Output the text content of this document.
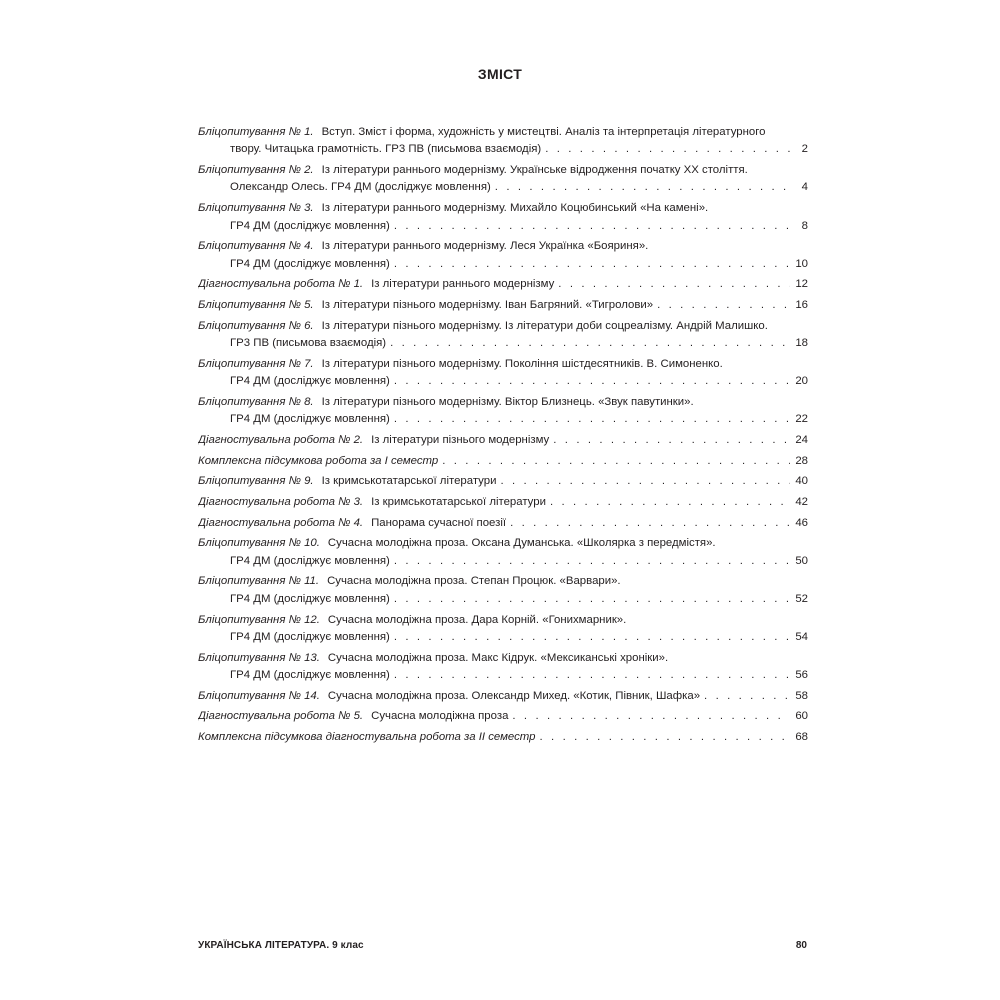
ЗМІСТ
Бліцопитування № 1. Вступ. Зміст і форма, художність у мистецтві. Аналіз та інтерпретація літературного
твору. Читацька грамотність. ГР3 ПВ (письмова взаємодія) . . .	2
Бліцопитування № 2. Із літератури раннього модернізму. Українське відродження початку ХХ століття.
Олександр Олесь. ГР4 ДМ (досліджує мовлення) . . .	4
Бліцопитування № 3. Із літератури раннього модернізму. Михайло Коцюбинський «На камені».
ГР4 ДМ (досліджує мовлення) . . .	8
Бліцопитування № 4. Із літератури раннього модернізму. Леся Українка «Бояриня».
ГР4 ДМ (досліджує мовлення) . . .	10
Діагностувальна робота № 1. Із літератури раннього модернізму . . .	12
Бліцопитування № 5. Із літератури пізнього модернізму. Іван Багряний. «Тигролови» . . .	16
Бліцопитування № 6. Із літератури пізнього модернізму. Із літератури доби соцреалізму. Андрій Малишко.
ГР3 ПВ (письмова взаємодія) . . .	18
Бліцопитування № 7. Із літератури пізнього модернізму. Покоління шістдесятників. В. Симоненко.
ГР4 ДМ (досліджує мовлення) . . .	20
Бліцопитування № 8. Із літератури пізнього модернізму. Віктор Близнець. «Звук павутинки».
ГР4 ДМ (досліджує мовлення) . . .	22
Діагностувальна робота № 2. Із літератури пізнього модернізму . . .	24
Комплексна підсумкова робота за І семестр . . .	28
Бліцопитування № 9. Із кримськотатарської літератури . . .	40
Діагностувальна робота № 3. Із кримськотатарської літератури . . .	42
Діагностувальна робота № 4. Панорама сучасної поезії . . .	46
Бліцопитування № 10. Сучасна молодіжна проза. Оксана Думанська. «Школярка з передмістя».
ГР4 ДМ (досліджує мовлення) . . .	50
Бліцопитування № 11. Сучасна молодіжна проза. Степан Процюк. «Варвари».
ГР4 ДМ (досліджує мовлення) . . .	52
Бліцопитування № 12. Сучасна молодіжна проза. Дара Корній. «Гонихмарник».
ГР4 ДМ (досліджує мовлення) . . .	54
Бліцопитування № 13. Сучасна молодіжна проза. Макс Кідрук. «Мексиканські хроніки».
ГР4 ДМ (досліджує мовлення) . . .	56
Бліцопитування № 14. Сучасна молодіжна проза. Олександр Михед. «Котик, Півник, Шафка» . . .	58
Діагностувальна робота № 5. Сучасна молодіжна проза . . .	60
Комплексна підсумкова діагностувальна робота за ІІ семестр . . .	68
УКРАЇНСЬКА ЛІТЕРАТУРА. 9 клас	80
